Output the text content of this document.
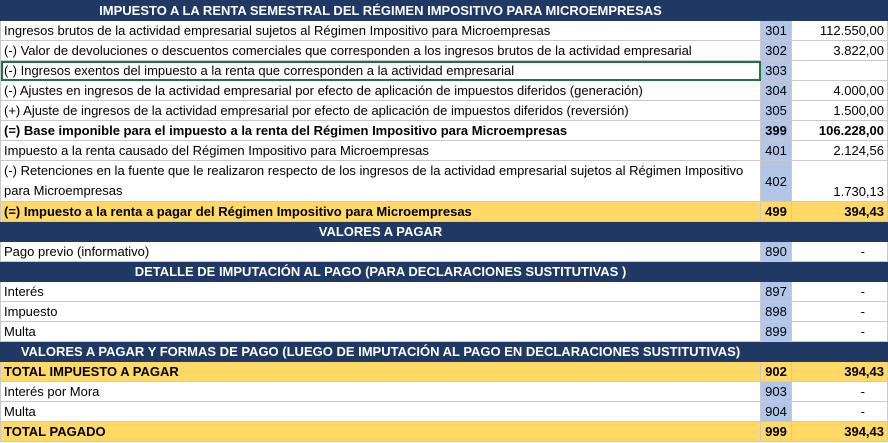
IMPUESTO A LA RENTA SEMESTRAL DEL RÉGIMEN IMPOSITIVO PARA MICROEMPRESAS		
Ingresos brutos de la actividad empresarial sujetos al Régimen Impositivo para Microempresas	301	112.550,00
(-) Valor de devoluciones o descuentos comerciales que corresponden a los ingresos brutos de la actividad empresarial	302	3.822,00
(-) Ingresos exentos del impuesto a la renta que corresponden a la actividad empresarial	303	
(-) Ajustes en ingresos de la actividad empresarial por efecto de aplicación de impuestos diferidos (generación)	304	4.000,00
(+) Ajuste de ingresos de la actividad empresarial por efecto de aplicación de impuestos diferidos (reversión)	305	1.500,00
(=) Base imponible para el impuesto a la renta del Régimen Impositivo para Microempresas	399	106.228,00
Impuesto a la renta causado del Régimen Impositivo para Microempresas	401	2.124,56
(-) Retenciones en la fuente que le realizaron respecto de los ingresos de la actividad empresarial sujetos al Régimen Impositivo para Microempresas	402	1.730,13
(=) Impuesto a la renta a pagar del Régimen Impositivo para Microempresas	499	394,43
VALORES A PAGAR		
Pago previo (informativo)	890	-
DETALLE DE IMPUTACIÓN AL PAGO (PARA DECLARACIONES SUSTITUTIVAS )		
Interés	897	-
Impuesto	898	-
Multa	899	-
VALORES A PAGAR Y FORMAS DE PAGO (LUEGO DE IMPUTACIÓN AL PAGO EN DECLARACIONES SUSTITUTIVAS)		
TOTAL IMPUESTO A PAGAR	902	394,43
Interés por Mora	903	-
Multa	904	-
TOTAL PAGADO	999	394,43
